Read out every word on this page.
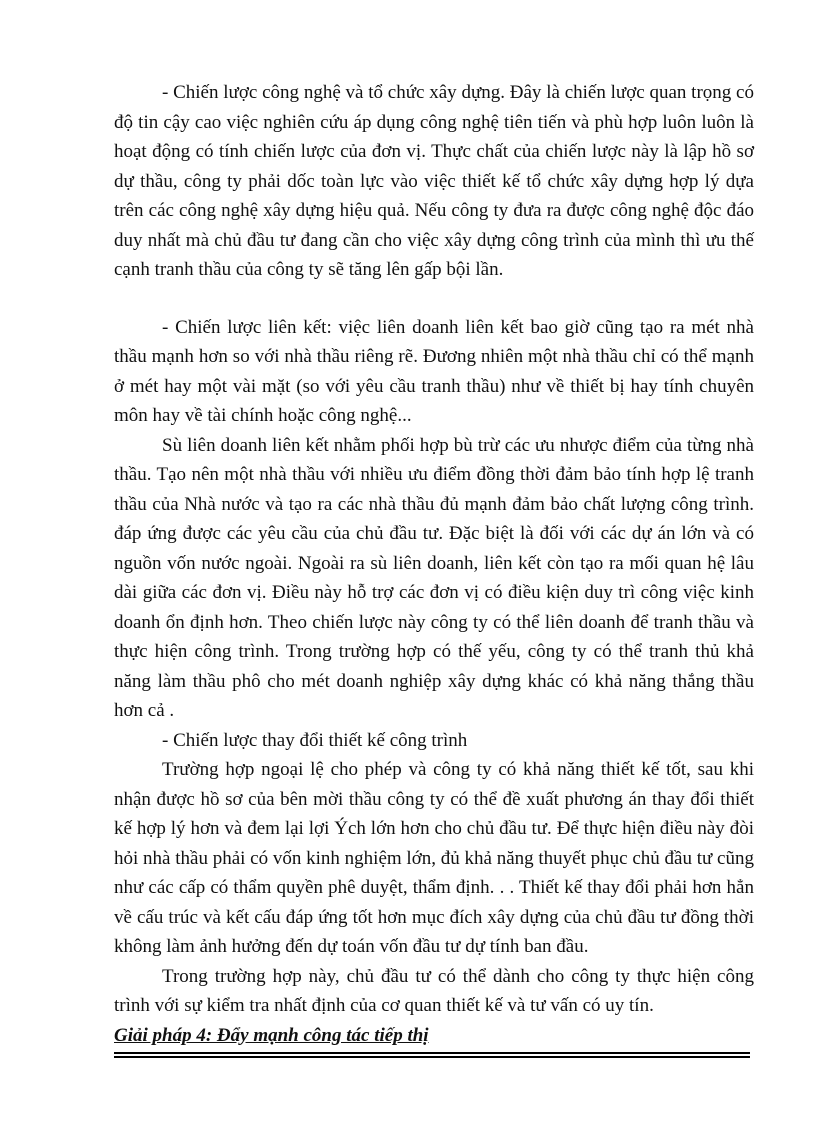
- Chiến lược công nghệ và tổ chức xây dựng. Đây là chiến lược quan trọng có độ tin cậy cao việc nghiên cứu áp dụng công nghệ tiên tiến và phù hợp luôn luôn là hoạt động có tính chiến lược của đơn vị. Thực chất của chiến lược này là lập hồ sơ dự thầu, công ty phải dốc toàn lực vào việc thiết kế tổ chức xây dựng hợp lý dựa trên các công nghệ xây dựng hiệu quả. Nếu công ty đưa ra được công nghệ độc đáo duy nhất mà chủ đầu tư đang cần cho việc xây dựng công trình của mình thì ưu thế cạnh tranh thầu của công ty sẽ tăng lên gấp bội lần.

- Chiến lược liên kết: việc liên doanh liên kết bao giờ cũng tạo ra mét nhà thầu mạnh hơn so với nhà thầu riêng rẽ. Đương nhiên một nhà thầu chỉ có thể mạnh ở mét hay một vài mặt (so với yêu cầu tranh thầu) như về thiết bị hay tính chuyên môn hay về tài chính hoặc công nghệ...

Sù liên doanh liên kết nhằm phối hợp bù trừ các ưu nhược điểm của từng nhà thầu. Tạo nên một nhà thầu với nhiều ưu điểm đồng thời đảm bảo tính hợp lệ tranh thầu của Nhà nước và tạo ra các nhà thầu đủ mạnh đảm bảo chất lượng công trình. đáp ứng được các yêu cầu của chủ đầu tư. Đặc biệt là đối với các dự án lớn và có nguồn vốn nước ngoài. Ngoài ra sù liên doanh, liên kết còn tạo ra mối quan hệ lâu dài giữa các đơn vị. Điều này hỗ trợ các đơn vị có điều kiện duy trì công việc kinh doanh ổn định hơn. Theo chiến lược này công ty có thể liên doanh để tranh thầu và thực hiện công trình. Trong trường hợp có thế yếu, công ty có thể tranh thủ khả năng làm thầu phô cho mét doanh nghiệp xây dựng khác có khả năng thắng thầu hơn cả .

- Chiến lược thay đổi thiết kế công trình

Trường hợp ngoại lệ cho phép và công ty có khả năng thiết kế tốt, sau khi nhận được hồ sơ của bên mời thầu công ty có thể đề xuất phương án thay đổi thiết kế hợp lý hơn và đem lại lợi Ých lớn hơn cho chủ đầu tư. Để thực hiện điều này đòi hỏi nhà thầu phải có vốn kinh nghiệm lớn, đủ khả năng thuyết phục chủ đầu tư cũng như các cấp có thẩm quyền phê duyệt, thẩm định. . . Thiết kế thay đổi phải hơn hẳn về cấu trúc và kết cấu đáp ứng tốt hơn mục đích xây dựng của chủ đầu tư đồng thời không làm ảnh hưởng đến dự toán vốn đầu tư dự tính ban đầu.

Trong trường hợp này, chủ đầu tư có thể dành cho công ty thực hiện công trình với sự kiểm tra nhất định của cơ quan thiết kế và tư vấn có uy tín.

Giải pháp 4: Đẩy mạnh công tác tiếp thị
